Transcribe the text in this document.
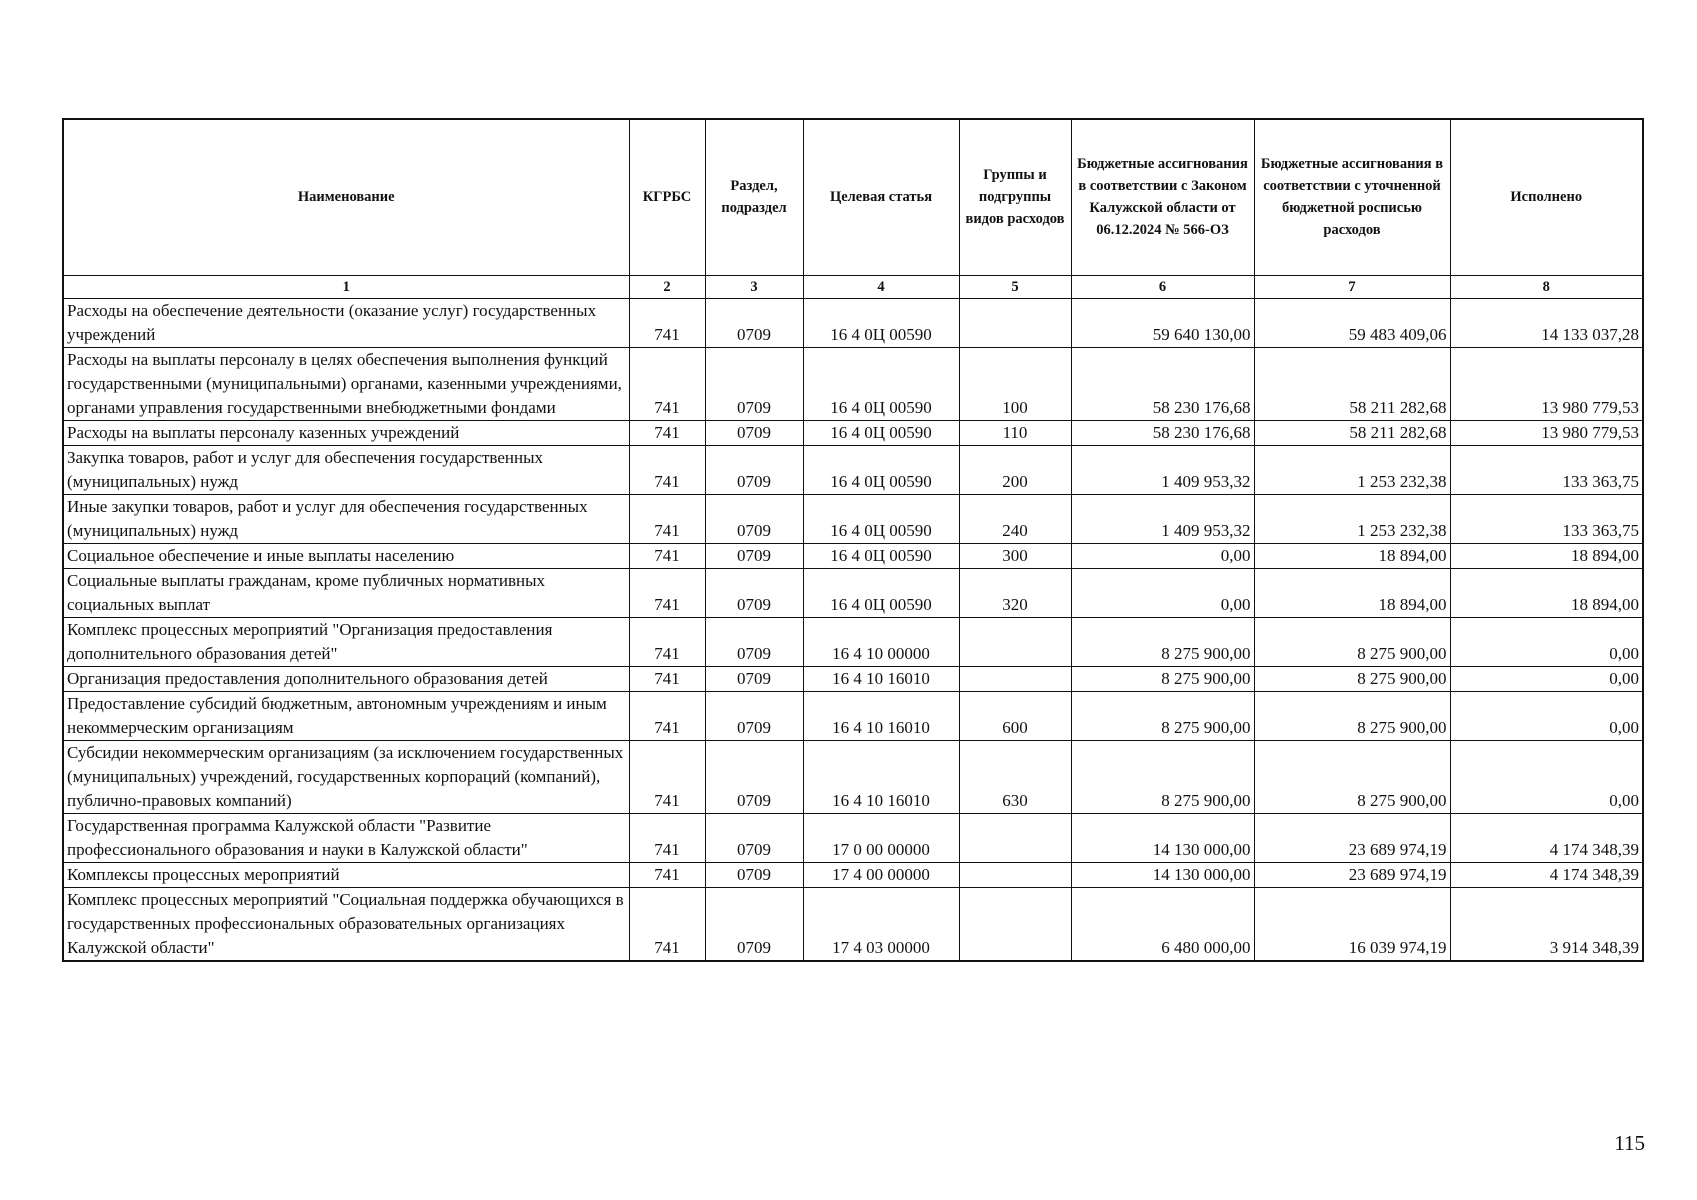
Наименование	КГРБС	Раздел, подраздел	Целевая статья	Группы и подгруппы видов расходов	Бюджетные ассигнования в соответствии с Законом Калужской области от 06.12.2024 № 566-ОЗ	Бюджетные ассигнования в соответствии с уточненной бюджетной росписью расходов	Исполнено
1	2	3	4	5	6	7	8
Расходы на обеспечение деятельности (оказание услуг) государственных учреждений	741	0709	16 4 0Ц 00590		59 640 130,00	59 483 409,06	14 133 037,28
Расходы на выплаты персоналу в целях обеспечения выполнения функций государственными (муниципальными) органами, казенными учреждениями, органами управления государственными внебюджетными фондами	741	0709	16 4 0Ц 00590	100	58 230 176,68	58 211 282,68	13 980 779,53
Расходы на выплаты персоналу казенных учреждений	741	0709	16 4 0Ц 00590	110	58 230 176,68	58 211 282,68	13 980 779,53
Закупка товаров, работ и услуг для обеспечения государственных (муниципальных) нужд	741	0709	16 4 0Ц 00590	200	1 409 953,32	1 253 232,38	133 363,75
Иные закупки товаров, работ и услуг для обеспечения государственных (муниципальных) нужд	741	0709	16 4 0Ц 00590	240	1 409 953,32	1 253 232,38	133 363,75
Социальное обеспечение и иные выплаты населению	741	0709	16 4 0Ц 00590	300	0,00	18 894,00	18 894,00
Социальные выплаты гражданам, кроме публичных нормативных социальных выплат	741	0709	16 4 0Ц 00590	320	0,00	18 894,00	18 894,00
Комплекс процессных мероприятий "Организация предоставления дополнительного образования детей"	741	0709	16 4 10 00000		8 275 900,00	8 275 900,00	0,00
Организация предоставления дополнительного образования детей	741	0709	16 4 10 16010		8 275 900,00	8 275 900,00	0,00
Предоставление субсидий бюджетным, автономным учреждениям и иным некоммерческим организациям	741	0709	16 4 10 16010	600	8 275 900,00	8 275 900,00	0,00
Субсидии некоммерческим организациям (за исключением государственных (муниципальных) учреждений, государственных корпораций (компаний), публично-правовых компаний)	741	0709	16 4 10 16010	630	8 275 900,00	8 275 900,00	0,00
Государственная программа Калужской области "Развитие профессионального образования и науки в Калужской области"	741	0709	17 0 00 00000		14 130 000,00	23 689 974,19	4 174 348,39
Комплексы процессных мероприятий	741	0709	17 4 00 00000		14 130 000,00	23 689 974,19	4 174 348,39
Комплекс процессных мероприятий "Социальная поддержка обучающихся в государственных профессиональных образовательных организациях Калужской области"	741	0709	17 4 03 00000		6 480 000,00	16 039 974,19	3 914 348,39
115
